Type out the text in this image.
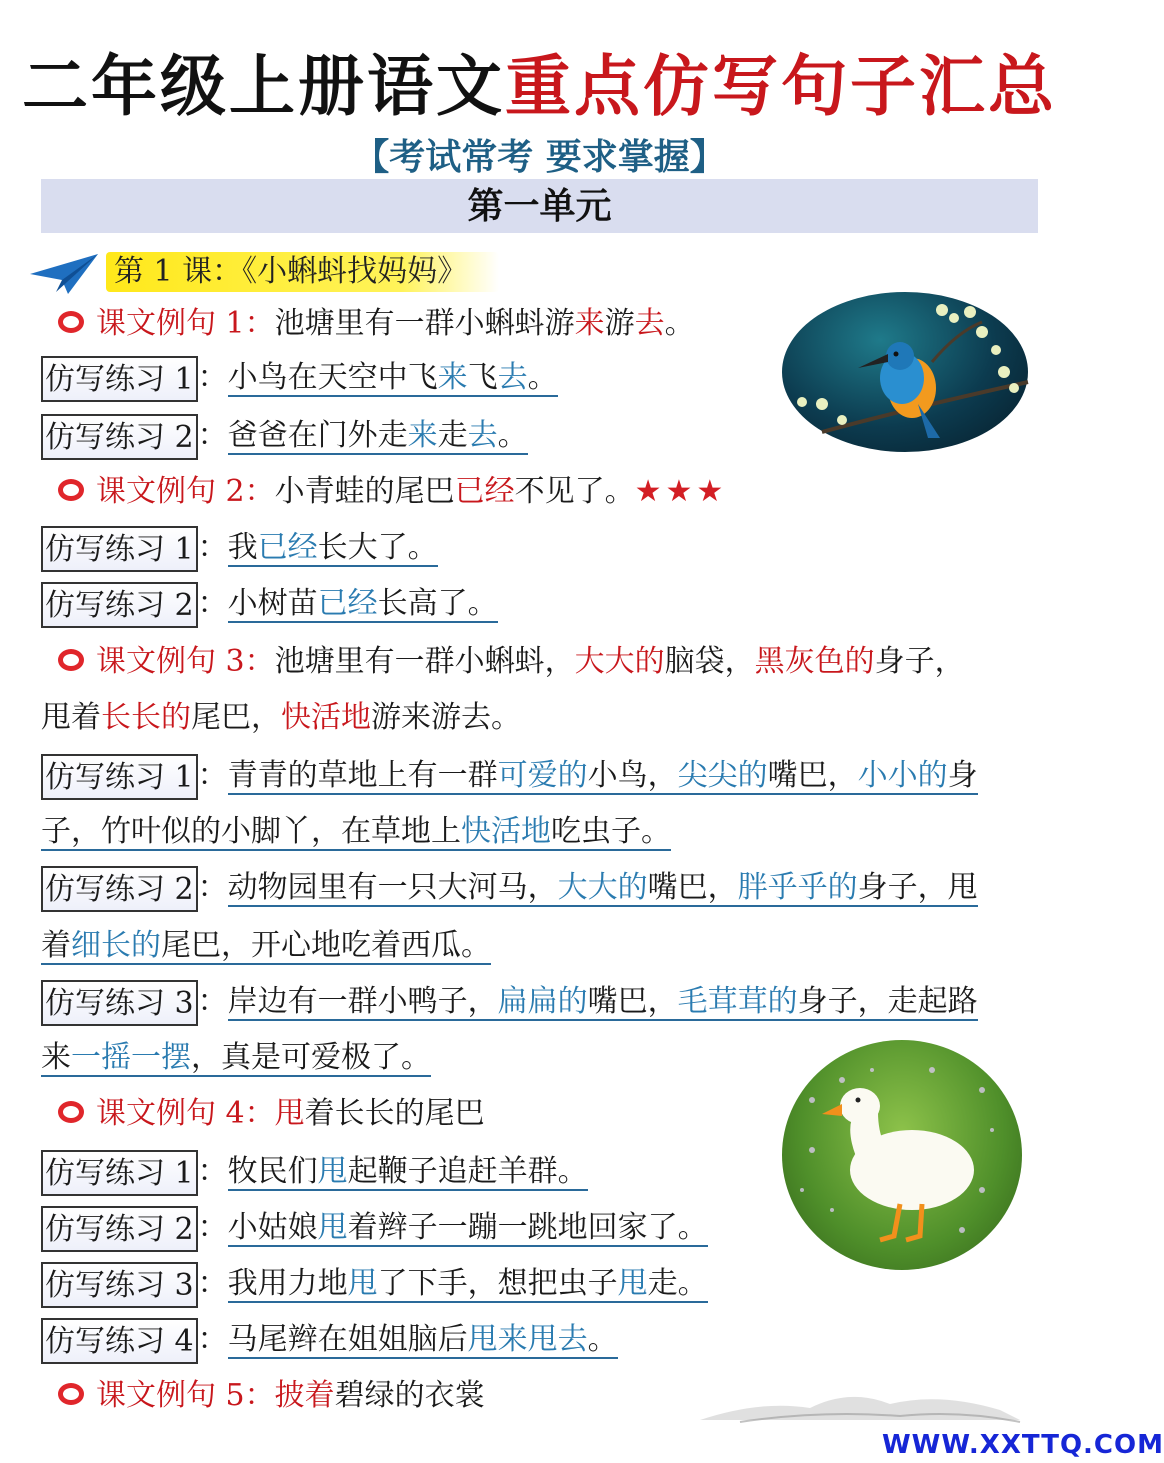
二年级上册语文重点仿写句子汇总
【考试常考 要求掌握】
第一单元
第 1 课：《小蝌蚪找妈妈》
课文例句 1：池塘里有一群小蝌蚪游来游去。
仿写练习 1 ：小鸟在天空中飞来飞去。
仿写练习 2 ：爸爸在门外走来走去。
课文例句 2：小青蛙的尾巴已经不见了。★★★
仿写练习 1 ：我已经长大了。
仿写练习 2 ：小树苗已经长高了。
课文例句 3：池塘里有一群小蝌蚪，大大的脑袋，黑灰色的身子，
甩着长长的尾巴，快活地游来游去。
仿写练习 1 ：青青的草地上有一群可爱的小鸟，尖尖的嘴巴，小小的身
子，竹叶似的小脚丫，在草地上快活地吃虫子。
仿写练习 2 ：动物园里有一只大河马，大大的嘴巴，胖乎乎的身子，甩
着细长的尾巴，开心地吃着西瓜。
仿写练习 3 ：岸边有一群小鸭子，扁扁的嘴巴，毛茸茸的身子，走起路
来一摇一摆，真是可爱极了。
课文例句 4：甩着长长的尾巴
仿写练习 1 ：牧民们甩起鞭子追赶羊群。
仿写练习 2 ：小姑娘甩着辫子一蹦一跳地回家了。
仿写练习 3 ：我用力地甩了下手，想把虫子甩走。
仿写练习 4 ：马尾辫在姐姐脑后甩来甩去。
课文例句 5：披着碧绿的衣裳
WWW.XXTTQ.COM
